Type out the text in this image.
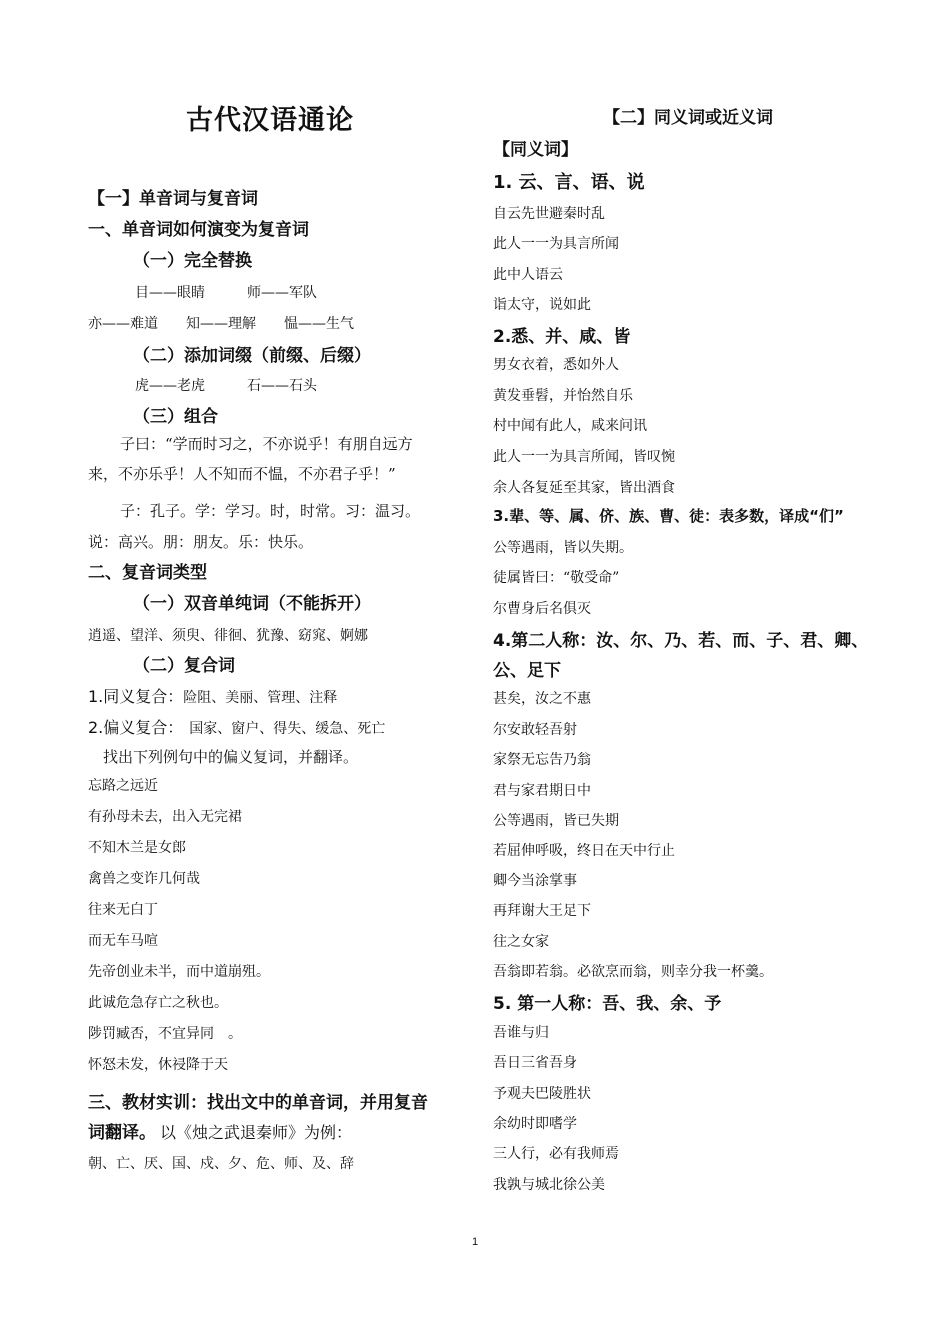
古代汉语通论
【一】单音词与复音词
一、单音词如何演变为复音词
（一）完全替换
目——眼睛　　　师——军队
亦——难道　　知——理解　　愠——生气
（二）添加词缀（前缀、后缀）
虎——老虎　　　石——石头
（三）组合
子曰：“学而时习之，不亦说乎！有朋自远方
来，不亦乐乎！人不知而不愠，不亦君子乎！”
子：孔子。学：学习。时，时常。习：温习。
说：高兴。朋：朋友。乐：快乐。
二、复音词类型
（一）双音单纯词（不能拆开）
逍遥、望洋、须臾、徘徊、犹豫、窈窕、婀娜
（二）复合词
1.同义复合：险阻、美丽、管理、注释
2.偏义复合： 国家、窗户、得失、缓急、死亡
找出下列例句中的偏义复词，并翻译。
忘路之远近
有孙母未去，出入无完裙
不知木兰是女郎
禽兽之变诈几何哉
往来无白丁
而无车马喧
先帝创业未半，而中道崩殂。
此诚危急存亡之秋也。
陟罚臧否，不宜异同　。
怀怒未发，休祲降于天
三、教材实训：找出文中的单音词，并用复音
词翻译。 以《烛之武退秦师》为例：
朝、亡、厌、国、戍、夕、危、师、及、辞
【二】同义词或近义词
【同义词】
1. 云、言、语、说
自云先世避秦时乱
此人一一为具言所闻
此中人语云
诣太守，说如此
2.悉、并、咸、皆
男女衣着，悉如外人
黄发垂髫，并怡然自乐
村中闻有此人，咸来问讯
此人一一为具言所闻，皆叹惋
余人各复延至其家，皆出酒食
3.辈、等、属、侪、族、曹、徒：表多数，译成“们”
公等遇雨，皆以失期。
徒属皆曰：“敬受命”
尔曹身后名俱灭
4.第二人称：汝、尔、乃、若、而、子、君、卿、
公、足下
甚矣，汝之不惠
尔安敢轻吾射
家祭无忘告乃翁
君与家君期日中
公等遇雨，皆已失期
若屈伸呼吸，终日在天中行止
卿今当涂掌事
再拜谢大王足下
往之女家
吾翁即若翁。必欲烹而翁，则幸分我一杯羹。
5. 第一人称：吾、我、余、予
吾谁与归
吾日三省吾身
予观夫巴陵胜状
余幼时即嗜学
三人行，必有我师焉
我孰与城北徐公美
1
